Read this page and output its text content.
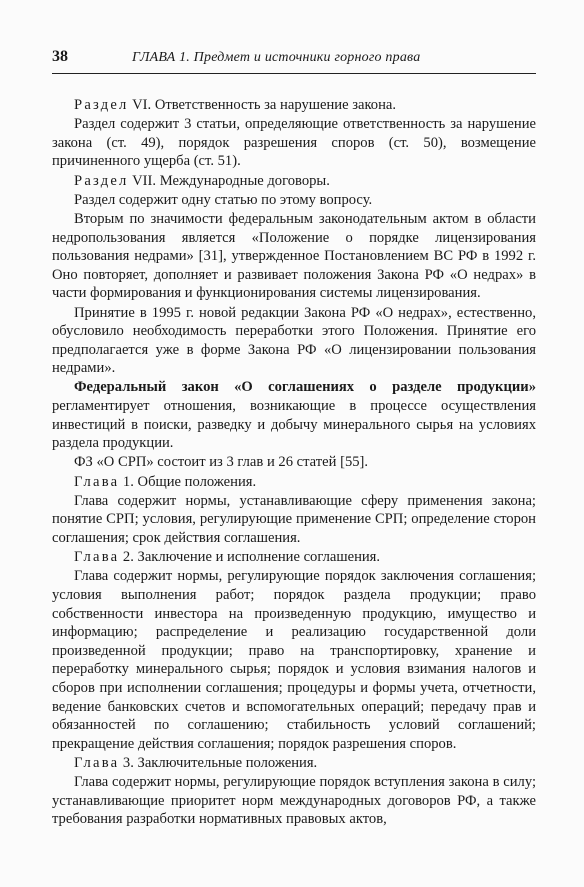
38	ГЛАВА 1. Предмет и источники горного права

Раздел VI. Ответственность за нарушение закона.

Раздел содержит 3 статьи, определяющие ответственность за нарушение закона (ст. 49), порядок разрешения споров (ст. 50), возмещение причиненного ущерба (ст. 51).

Раздел VII. Международные договоры.

Раздел содержит одну статью по этому вопросу.

Вторым по значимости федеральным законодательным актом в области недропользования является «Положение о порядке лицензирования пользования недрами» [31], утвержденное Постановлением ВС РФ в 1992 г. Оно повторяет, дополняет и развивает положения Закона РФ «О недрах» в части формирования и функционирования системы лицензирования.

Принятие в 1995 г. новой редакции Закона РФ «О недрах», естественно, обусловило необходимость переработки этого Положения. Принятие его предполагается уже в форме Закона РФ «О лицензировании пользования недрами».

Федеральный закон «О соглашениях о разделе продукции» регламентирует отношения, возникающие в процессе осуществления инвестиций в поиски, разведку и добычу минерального сырья на условиях раздела продукции.

ФЗ «О СРП» состоит из 3 глав и 26 статей [55].

Глава 1. Общие положения.

Глава содержит нормы, устанавливающие сферу применения закона; понятие СРП; условия, регулирующие применение СРП; определение сторон соглашения; срок действия соглашения.

Глава 2. Заключение и исполнение соглашения.

Глава содержит нормы, регулирующие порядок заключения соглашения; условия выполнения работ; порядок раздела продукции; право собственности инвестора на произведенную продукцию, имущество и информацию; распределение и реализацию государственной доли произведенной продукции; право на транспортировку, хранение и переработку минерального сырья; порядок и условия взимания налогов и сборов при исполнении соглашения; процедуры и формы учета, отчетности, ведение банковских счетов и вспомогательных операций; передачу прав и обязанностей по соглашению; стабильность условий соглашений; прекращение действия соглашения; порядок разрешения споров.

Глава 3. Заключительные положения.

Глава содержит нормы, регулирующие порядок вступления закона в силу; устанавливающие приоритет норм международных договоров РФ, а также требования разработки нормативных правовых актов,
